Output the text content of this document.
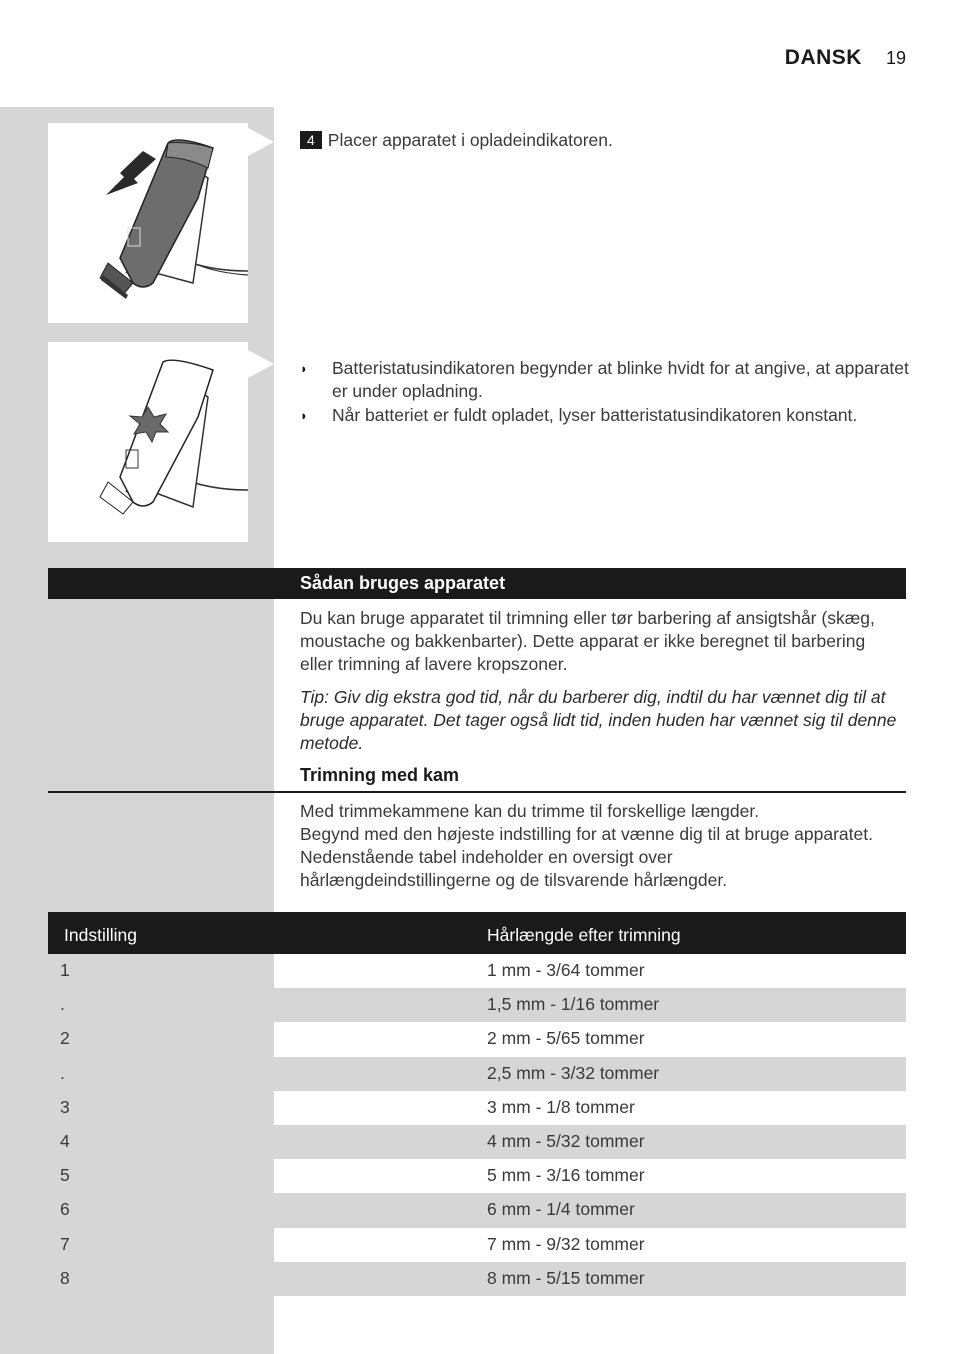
DANSK 19
4 Placer apparatet i opladeindikatoren.
◗ Batteristatusindikatoren begynder at blinke hvidt for at angive, at apparatet er under opladning.
◗ Når batteriet er fuldt opladet, lyser batteristatusindikatoren konstant.
Sådan bruges apparatet
Du kan bruge apparatet til trimning eller tør barbering af ansigtshår (skæg, moustache og bakkenbarter). Dette apparat er ikke beregnet til barbering eller trimning af lavere kropszoner.
Tip: Giv dig ekstra god tid, når du barberer dig, indtil du har vænnet dig til at bruge apparatet. Det tager også lidt tid, inden huden har vænnet sig til denne metode.
Trimning med kam
Med trimmekammene kan du trimme til forskellige længder.
Begynd med den højeste indstilling for at vænne dig til at bruge apparatet.
Nedenstående tabel indeholder en oversigt over
hårlængdeindstillingerne og de tilsvarende hårlængder.
Indstilling	Hårlængde efter trimning
1	1 mm - 3/64 tommer
.	1,5 mm - 1/16 tommer
2	2 mm - 5/65 tommer
.	2,5 mm - 3/32 tommer
3	3 mm - 1/8 tommer
4	4 mm - 5/32 tommer
5	5 mm - 3/16 tommer
6	6 mm - 1/4 tommer
7	7 mm - 9/32 tommer
8	8 mm - 5/15 tommer
